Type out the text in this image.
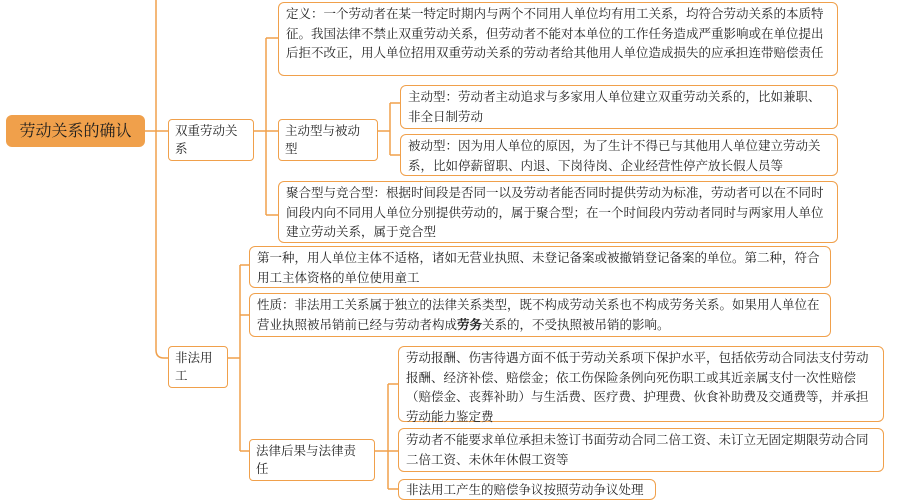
劳动关系的确认	双重劳动关系
定义：一个劳动者在某一特定时期内与两个不同用人单位均有用工关系，均符合劳动关系的本质特征。我国法律不禁止双重劳动关系，但劳动者不能对本单位的工作任务造成严重影响或在单位提出后拒不改正，用人单位招用双重劳动关系的劳动者给其他用人单位造成损失的应承担连带赔偿责任
主动型与被动型
主动型：劳动者主动追求与多家用人单位建立双重劳动关系的，比如兼职、非全日制劳动
被动型：因为用人单位的原因，为了生计不得已与其他用人单位建立劳动关系，比如停薪留职、内退、下岗待岗、企业经营性停产放长假人员等
聚合型与竞合型：根据时间段是否同一以及劳动者能否同时提供劳动为标准，劳动者可以在不同时间段内向不同用人单位分别提供劳动的，属于聚合型；在一个时间段内劳动者同时与两家用人单位建立劳动关系，属于竞合型
非法用工
第一种，用人单位主体不适格，诸如无营业执照、未登记备案或被撤销登记备案的单位。第二种，符合用工主体资格的单位使用童工
性质：非法用工关系属于独立的法律关系类型，既不构成劳动关系也不构成劳务关系。如果用人单位在营业执照被吊销前已经与劳动者构成劳务关系的，不受执照被吊销的影响。
法律后果与法律责任
劳动报酬、伤害待遇方面不低于劳动关系项下保护水平，包括依劳动合同法支付劳动报酬、经济补偿、赔偿金；依工伤保险条例向死伤职工或其近亲属支付一次性赔偿（赔偿金、丧葬补助）与生活费、医疗费、护理费、伙食补助费及交通费等，并承担劳动能力鉴定费
劳动者不能要求单位承担未签订书面劳动合同二倍工资、未订立无固定期限劳动合同二倍工资、未休年休假工资等
非法用工产生的赔偿争议按照劳动争议处理
